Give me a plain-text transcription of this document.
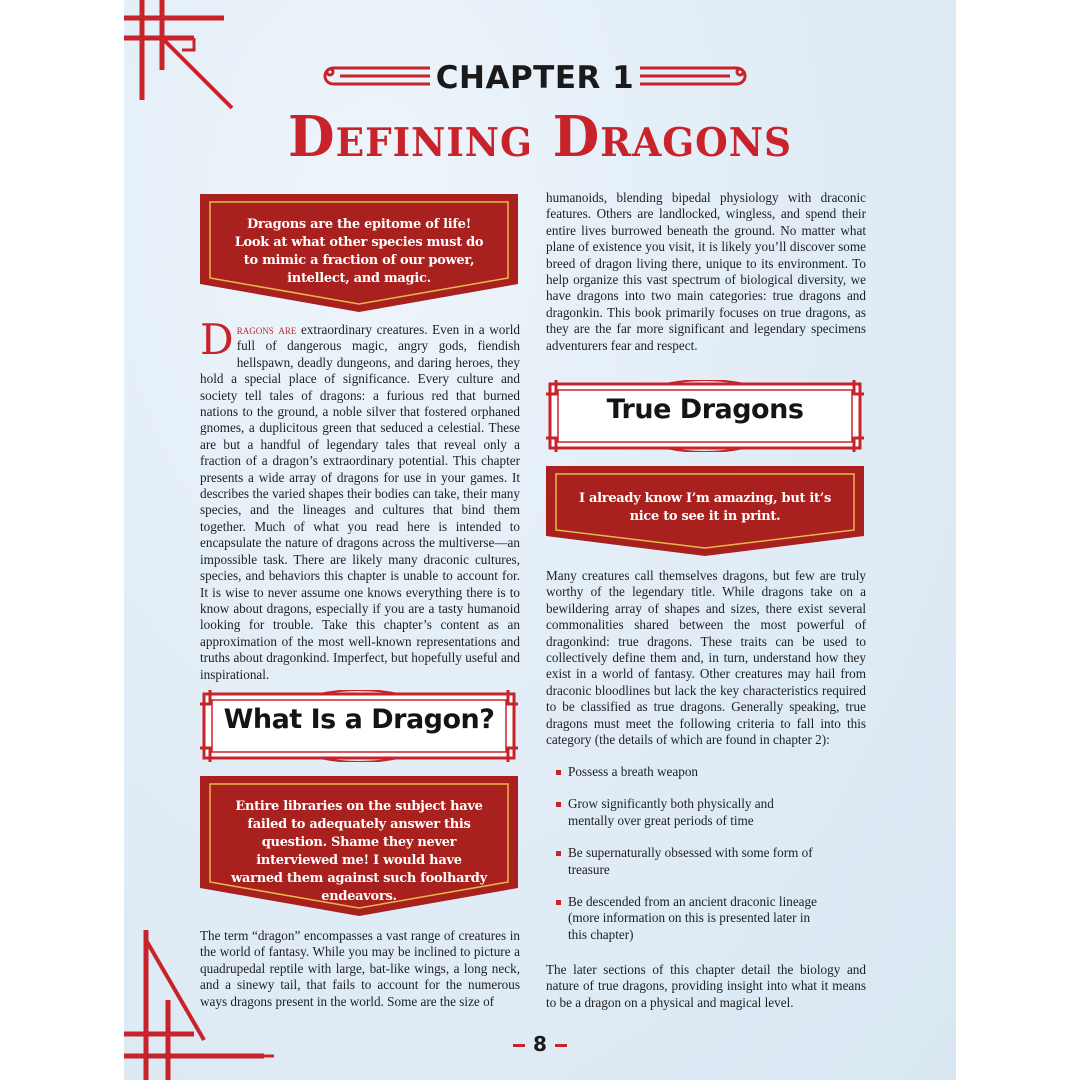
CHAPTER 1
Defining Dragons
Dragons are the epitome of life! Look at what other species must do to mimic a fraction of our power, intellect, and magic.
Dragons are extraordinary creatures. Even in a world full of dangerous magic, angry gods, fiendish hellspawn, deadly dungeons, and daring heroes, they hold a special place of significance. Every culture and society tell tales of dragons: a furious red that burned nations to the ground, a noble silver that fostered orphaned gnomes, a duplicitous green that seduced a celestial. These are but a handful of legendary tales that reveal only a fraction of a dragon’s extraordinary potential. This chapter presents a wide array of dragons for use in your games. It describes the varied shapes their bodies can take, their many species, and the lineages and cultures that bind them together. Much of what you read here is intended to encapsulate the nature of dragons across the multiverse—an impossible task. There are likely many draconic cultures, species, and behaviors this chapter is unable to account for. It is wise to never assume one knows everything there is to know about dragons, especially if you are a tasty humanoid looking for trouble. Take this chapter’s content as an approximation of the most well-known representations and truths about dragonkind. Imperfect, but hopefully useful and inspirational.
What Is a Dragon?
Entire libraries on the subject have failed to adequately answer this question. Shame they never interviewed me! I would have warned them against such foolhardy endeavors.

The term “dragon” encompasses a vast range of creatures in the world of fantasy. While you may be inclined to picture a quadrupedal reptile with large, bat-like wings, a long neck, and a sinewy tail, that fails to account for the numerous ways dragons present in the world. Some are the size of

humanoids, blending bipedal physiology with draconic features. Others are landlocked, wingless, and spend their entire lives burrowed beneath the ground. No matter what plane of existence you visit, it is likely you’ll discover some breed of dragon living there, unique to its environment. To help organize this vast spectrum of biological diversity, we have dragons into two main categories: true dragons and dragonkin. This book primarily focuses on true dragons, as they are the far more significant and legendary specimens adventurers fear and respect.

True Dragons
I already know I’m amazing, but it’s nice to see it in print.

Many creatures call themselves dragons, but few are truly worthy of the legendary title. While dragons take on a bewildering array of shapes and sizes, there exist several commonalities shared between the most powerful of dragonkind: true dragons. These traits can be used to collectively define them and, in turn, understand how they exist in a world of fantasy. Other creatures may hail from draconic bloodlines but lack the key characteristics required to be classified as true dragons. Generally speaking, true dragons must meet the following criteria to fall into this category (the details of which are found in chapter 2):

Possess a breath weapon
Grow significantly both physically and mentally over great periods of time
Be supernaturally obsessed with some form of treasure
Be descended from an ancient draconic lineage (more information on this is presented later in this chapter)

The later sections of this chapter detail the biology and nature of true dragons, providing insight into what it means to be a dragon on a physical and magical level.

8
